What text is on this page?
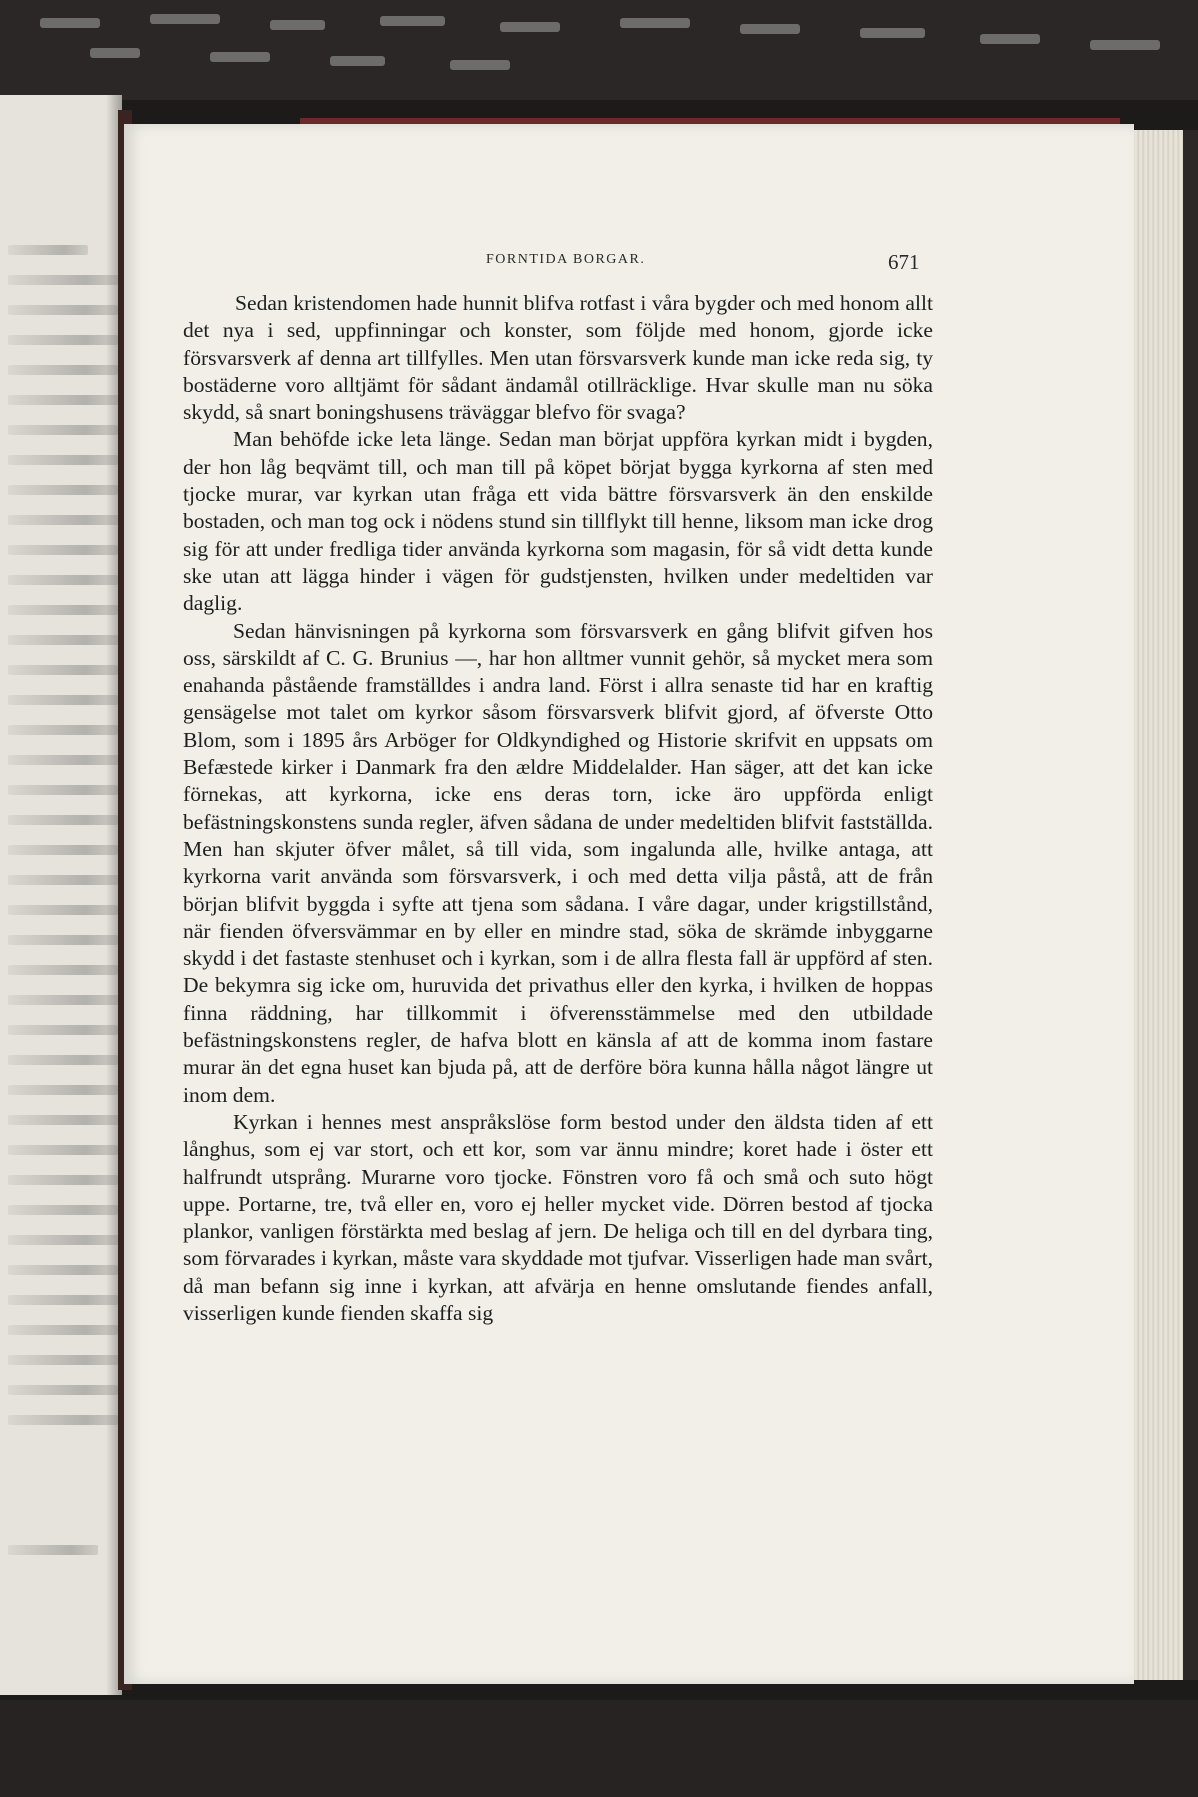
FORNTIDA BORGAR.	671

Sedan kristendomen hade hunnit blifva rotfast i våra bygder och med honom allt det nya i sed, uppfinningar och konster, som följde med honom, gjorde icke försvarsverk af denna art tillfylles. Men utan försvarsverk kunde man icke reda sig, ty bostäderne voro alltjämt för sådant ändamål otillräcklige. Hvar skulle man nu söka skydd, så snart boningshusens träväggar blefvo för svaga?

Man behöfde icke leta länge. Sedan man börjat uppföra kyrkan midt i bygden, der hon låg beqvämt till, och man till på köpet börjat bygga kyrkorna af sten med tjocke murar, var kyrkan utan fråga ett vida bättre försvarsverk än den enskilde bostaden, och man tog ock i nödens stund sin tillflykt till henne, liksom man icke drog sig för att under fredliga tider använda kyrkorna som magasin, för så vidt detta kunde ske utan att lägga hinder i vägen för gudstjensten, hvilken under medeltiden var daglig.

Sedan hänvisningen på kyrkorna som försvarsverk en gång blifvit gifven hos oss, särskildt af C. G. Brunius —, har hon alltmer vunnit gehör, så mycket mera som enahanda påstående framställdes i andra land. Först i allra senaste tid har en kraftig gensägelse mot talet om kyrkor såsom försvarsverk blifvit gjord, af öfverste Otto Blom, som i 1895 års Arböger for Oldkyndighed og Historie skrifvit en uppsats om Befæstede kirker i Danmark fra den ældre Middelalder. Han säger, att det kan icke förnekas, att kyrkorna, icke ens deras torn, icke äro uppförda enligt befästningskonstens sunda regler, äfven sådana de under medeltiden blifvit fastställda. Men han skjuter öfver målet, så till vida, som ingalunda alle, hvilke antaga, att kyrkorna varit använda som försvarsverk, i och med detta vilja påstå, att de från början blifvit byggda i syfte att tjena som sådana. I våre dagar, under krigstillstånd, när fienden öfversvämmar en by eller en mindre stad, söka de skrämde inbyggarne skydd i det fastaste stenhuset och i kyrkan, som i de allra flesta fall är uppförd af sten. De bekymra sig icke om, huruvida det privathus eller den kyrka, i hvilken de hoppas finna räddning, har tillkommit i öfverensstämmelse med den utbildade befästningskonstens regler, de hafva blott en känsla af att de komma inom fastare murar än det egna huset kan bjuda på, att de derföre böra kunna hålla något längre ut inom dem.

Kyrkan i hennes mest anspråkslöse form bestod under den äldsta tiden af ett långhus, som ej var stort, och ett kor, som var ännu mindre; koret hade i öster ett halfrundt utsprång. Murarne voro tjocke. Fönstren voro få och små och suto högt uppe. Portarne, tre, två eller en, voro ej heller mycket vide. Dörren bestod af tjocka plankor, vanligen förstärkta med beslag af jern. De heliga och till en del dyrbara ting, som förvarades i kyrkan, måste vara skyddade mot tjufvar. Visserligen hade man svårt, då man befann sig inne i kyrkan, att afvärja en henne omslutande fiendes anfall, visserligen kunde fienden skaffa sig
